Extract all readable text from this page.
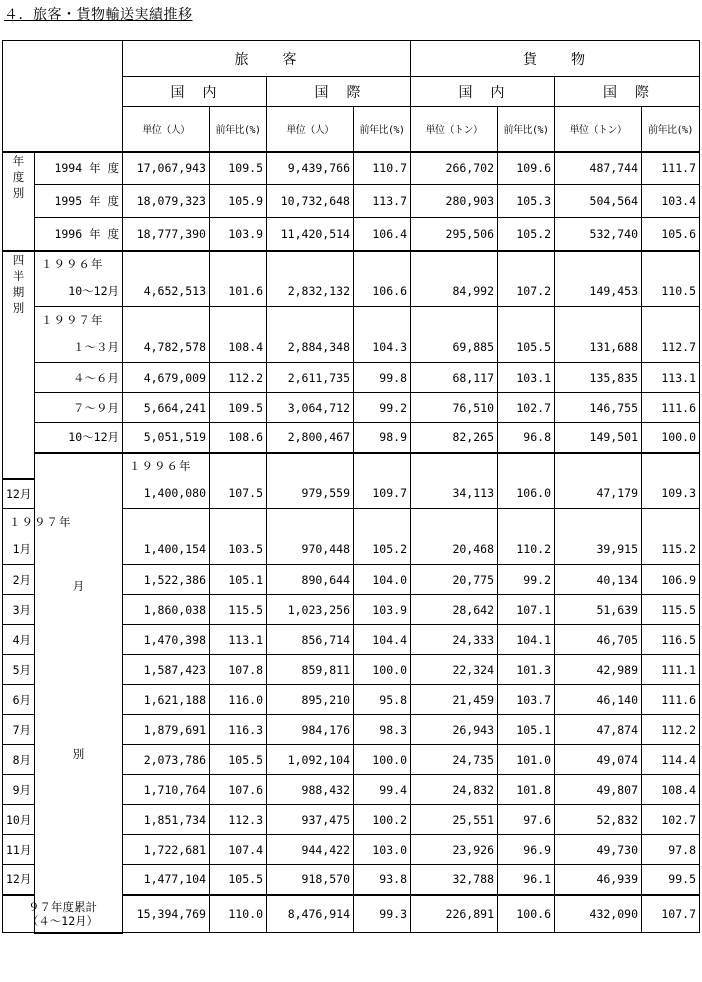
４．旅客・貨物輸送実績推移
		旅　　客				貨　　物				
		国　内		国　際		国　内		国　際		
		単位（人）	前年比(%)	単位（人）	前年比(%)	単位（トン）	前年比(%)	単位（トン）	前年比(%)	

年
度
別	1994 年 度	17,067,943	109.5	9,439,766	110.7	266,702	109.6	487,744	111.7	
	1995 年 度	18,079,323	105.9	10,732,648	113.7	280,903	105.3	504,564	103.4	
	1996 年 度	18,777,390	103.9	11,420,514	106.4	295,506	105.2	532,740	105.6	

四
半
期
別	１９９６年									
	10～12月	4,652,513	101.6	2,832,132	106.6	84,992	107.2	149,453	110.5	
	１９９７年									
	１～３月	4,782,578	108.4	2,884,348	104.3	69,885	105.5	131,688	112.7	
	４～６月	4,679,009	112.2	2,611,735	99.8	68,117	103.1	135,835	113.1	
	７～９月	5,664,241	109.5	3,064,712	99.2	76,510	102.7	146,755	111.6	
	10～12月	5,051,519	108.6	2,800,467	98.9	82,265	96.8	149,501	100.0	

	月
別	１９９６年								
12月		1,400,080	107.5	979,559	109.7	34,113	106.0	47,179	109.3	
１９９７年										
1月		1,400,154	103.5	970,448	105.2	20,468	110.2	39,915	115.2	
2月		1,522,386	105.1	890,644	104.0	20,775	99.2	40,134	106.9	
3月		1,860,038	115.5	1,023,256	103.9	28,642	107.1	51,639	115.5	
4月		1,470,398	113.1	856,714	104.4	24,333	104.1	46,705	116.5	
5月		1,587,423	107.8	859,811	100.0	22,324	101.3	42,989	111.1	
6月		1,621,188	116.0	895,210	95.8	21,459	103.7	46,140	111.6	
7月		1,879,691	116.3	984,176	98.3	26,943	105.1	47,874	112.2	
8月		2,073,786	105.5	1,092,104	100.0	24,735	101.0	49,074	114.4	
9月		1,710,764	107.6	988,432	99.4	24,832	101.8	49,807	108.4	
10月		1,851,734	112.3	937,475	100.2	25,551	97.6	52,832	102.7	
11月		1,722,681	107.4	944,422	103.0	23,926	96.9	49,730	97.8	
12月		1,477,104	105.5	918,570	93.8	32,788	96.1	46,939	99.5	

９７年度累計
（４～12月）		15,394,769	110.0	8,476,914	99.3	226,891	100.6	432,090	107.7	
